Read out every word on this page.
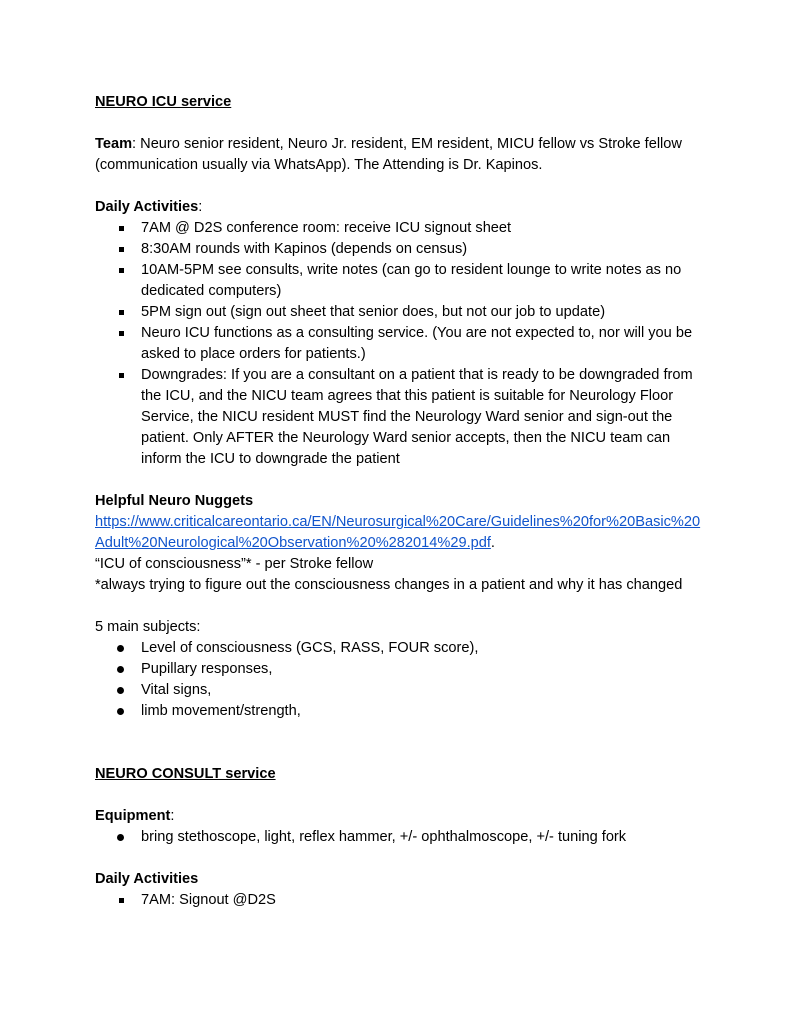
NEURO ICU service

Team: Neuro senior resident, Neuro Jr. resident, EM resident, MICU fellow vs Stroke fellow (communication usually via WhatsApp). The Attending is Dr. Kapinos.

Daily Activities:

7AM @ D2S conference room: receive ICU signout sheet
8:30AM rounds with Kapinos (depends on census)
10AM-5PM see consults, write notes (can go to resident lounge to write notes as no dedicated computers)
5PM sign out (sign out sheet that senior does, but not our job to update)
Neuro ICU functions as a consulting service. (You are not expected to, nor will you be asked to place orders for patients.)
Downgrades: If you are a consultant on a patient that is ready to be downgraded from the ICU, and the NICU team agrees that this patient is suitable for Neurology Floor Service, the NICU resident MUST find the Neurology Ward senior and sign-out the patient. Only AFTER the Neurology Ward senior accepts, then the NICU team can inform the ICU to downgrade the patient

Helpful Neuro Nuggets

https://www.criticalcareontario.ca/EN/Neurosurgical%20Care/Guidelines%20for%20Basic%20Adult%20Neurological%20Observation%20%282014%29.pdf.

“ICU of consciousness”* - per Stroke fellow

*always trying to figure out the consciousness changes in a patient and why it has changed

5 main subjects:

Level of consciousness (GCS, RASS, FOUR score),
Pupillary responses,
Vital signs,
limb movement/strength,

NEURO CONSULT service

Equipment:

bring stethoscope, light, reflex hammer, +/- ophthalmoscope, +/- tuning fork

Daily Activities

7AM: Signout @D2S
